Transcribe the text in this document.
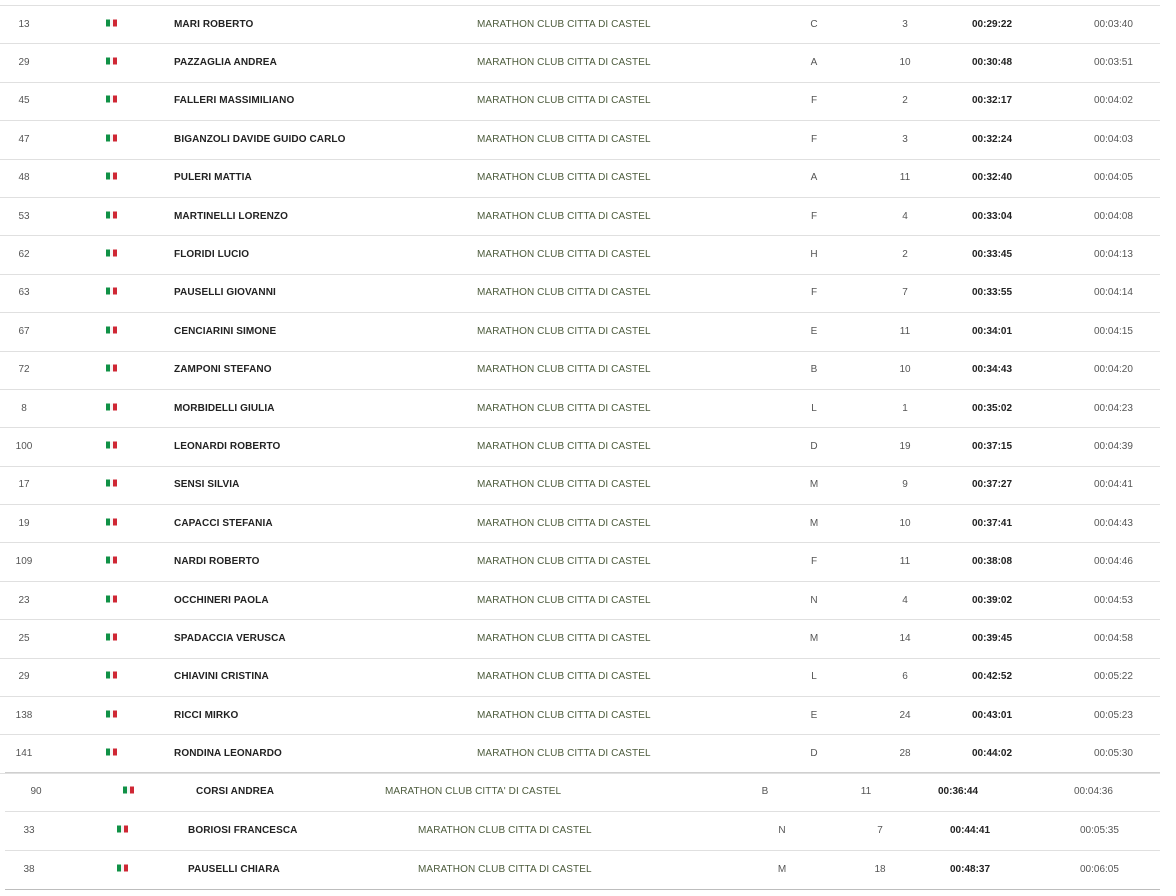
13	MARI ROBERTO	MARATHON CLUB CITTA DI CASTEL	C	3	00:29:22	00:03:40
29	PAZZAGLIA ANDREA	MARATHON CLUB CITTA DI CASTEL	A	10	00:30:48	00:03:51
45	FALLERI MASSIMILIANO	MARATHON CLUB CITTA DI CASTEL	F	2	00:32:17	00:04:02
47	BIGANZOLI DAVIDE GUIDO CARLO	MARATHON CLUB CITTA DI CASTEL	F	3	00:32:24	00:04:03
48	PULERI MATTIA	MARATHON CLUB CITTA DI CASTEL	A	11	00:32:40	00:04:05
53	MARTINELLI LORENZO	MARATHON CLUB CITTA DI CASTEL	F	4	00:33:04	00:04:08
62	FLORIDI LUCIO	MARATHON CLUB CITTA DI CASTEL	H	2	00:33:45	00:04:13
63	PAUSELLI GIOVANNI	MARATHON CLUB CITTA DI CASTEL	F	7	00:33:55	00:04:14
67	CENCIARINI SIMONE	MARATHON CLUB CITTA DI CASTEL	E	11	00:34:01	00:04:15
72	ZAMPONI STEFANO	MARATHON CLUB CITTA DI CASTEL	B	10	00:34:43	00:04:20
8	MORBIDELLI GIULIA	MARATHON CLUB CITTA DI CASTEL	L	1	00:35:02	00:04:23
100	LEONARDI ROBERTO	MARATHON CLUB CITTA DI CASTEL	D	19	00:37:15	00:04:39
17	SENSI SILVIA	MARATHON CLUB CITTA DI CASTEL	M	9	00:37:27	00:04:41
19	CAPACCI STEFANIA	MARATHON CLUB CITTA DI CASTEL	M	10	00:37:41	00:04:43
109	NARDI ROBERTO	MARATHON CLUB CITTA DI CASTEL	F	11	00:38:08	00:04:46
23	OCCHINERI PAOLA	MARATHON CLUB CITTA DI CASTEL	N	4	00:39:02	00:04:53
25	SPADACCIA VERUSCA	MARATHON CLUB CITTA DI CASTEL	M	14	00:39:45	00:04:58
29	CHIAVINI CRISTINA	MARATHON CLUB CITTA DI CASTEL	L	6	00:42:52	00:05:22
138	RICCI MIRKO	MARATHON CLUB CITTA DI CASTEL	E	24	00:43:01	00:05:23
141	RONDINA LEONARDO	MARATHON CLUB CITTA DI CASTEL	D	28	00:44:02	00:05:30
90	CORSI ANDREA	MARATHON CLUB CITTA' DI CASTEL	B	11	00:36:44	00:04:36
33	BORIOSI FRANCESCA	MARATHON CLUB CITTA DI CASTEL	N	7	00:44:41	00:05:35
38	PAUSELLI CHIARA	MARATHON CLUB CITTA DI CASTEL	M	18	00:48:37	00:06:05
